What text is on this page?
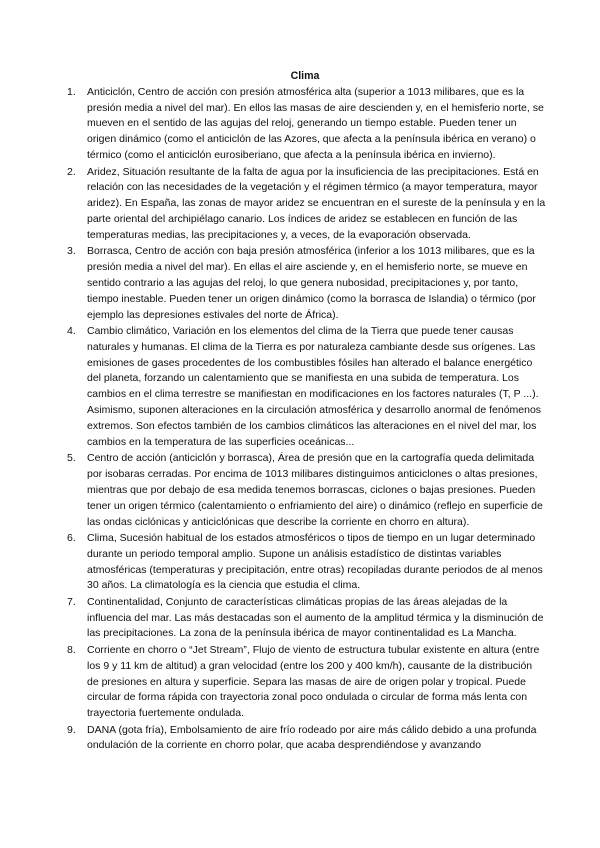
Clima
1. Anticiclón, Centro de acción con presión atmosférica alta (superior a 1013 milibares, que es la presión media a nivel del mar). En ellos las masas de aire descienden y, en el hemisferio norte, se mueven en el sentido de las agujas del reloj, generando un tiempo estable. Pueden tener un origen dinámico (como el anticiclón de las Azores, que afecta a la península ibérica en verano) o térmico (como el anticiclón eurosiberiano, que afecta a la península ibérica en invierno).
2. Aridez, Situación resultante de la falta de agua por la insuficiencia de las precipitaciones. Está en relación con las necesidades de la vegetación y el régimen térmico (a mayor temperatura, mayor aridez). En España, las zonas de mayor aridez se encuentran en el sureste de la península y en la parte oriental del archipiélago canario. Los índices de aridez se establecen en función de las temperaturas medias, las precipitaciones y, a veces, de la evaporación observada.
3. Borrasca, Centro de acción con baja presión atmosférica (inferior a los 1013 milibares, que es la presión media a nivel del mar). En ellas el aire asciende y, en el hemisferio norte, se mueve en sentido contrario a las agujas del reloj, lo que genera nubosidad, precipitaciones y, por tanto, tiempo inestable. Pueden tener un origen dinámico (como la borrasca de Islandia) o térmico (por ejemplo las depresiones estivales del norte de África).
4. Cambio climático, Variación en los elementos del clima de la Tierra que puede tener causas naturales y humanas. El clima de la Tierra es por naturaleza cambiante desde sus orígenes. Las emisiones de gases procedentes de los combustibles fósiles han alterado el balance energético del planeta, forzando un calentamiento que se manifiesta en una subida de temperatura. Los cambios en el clima terrestre se manifiestan en modificaciones en los factores naturales (T, P ...). Asimismo, suponen alteraciones en la circulación atmosférica y desarrollo anormal de fenómenos extremos. Son efectos también de los cambios climáticos las alteraciones en el nivel del mar, los cambios en la temperatura de las superficies oceánicas...
5. Centro de acción (anticiclón y borrasca), Área de presión que en la cartografía queda delimitada por isobaras cerradas. Por encima de 1013 milibares distinguimos anticiclones o altas presiones, mientras que por debajo de esa medida tenemos borrascas, ciclones o bajas presiones. Pueden tener un origen térmico (calentamiento o enfriamiento del aire) o dinámico (reflejo en superficie de las ondas ciclónicas y anticiclónicas que describe la corriente en chorro en altura).
6. Clima, Sucesión habitual de los estados atmosféricos o tipos de tiempo en un lugar determinado durante un periodo temporal amplio. Supone un análisis estadístico de distintas variables atmosféricas (temperaturas y precipitación, entre otras) recopiladas durante periodos de al menos 30 años. La climatología es la ciencia que estudia el clima.
7. Continentalidad, Conjunto de características climáticas propias de las áreas alejadas de la influencia del mar. Las más destacadas son el aumento de la amplitud térmica y la disminución de las precipitaciones. La zona de la península ibérica de mayor continentalidad es La Mancha.
8. Corriente en chorro o “Jet Stream”, Flujo de viento de estructura tubular existente en altura (entre los 9 y 11 km de altitud) a gran velocidad (entre los 200 y 400 km/h), causante de la distribución de presiones en altura y superficie. Separa las masas de aire de origen polar y tropical. Puede circular de forma rápida con trayectoria zonal poco ondulada o circular de forma más lenta con trayectoria fuertemente ondulada.
9. DANA (gota fría), Embolsamiento de aire frío rodeado por aire más cálido debido a una profunda ondulación de la corriente en chorro polar, que acaba desprendiéndose y avanzando
